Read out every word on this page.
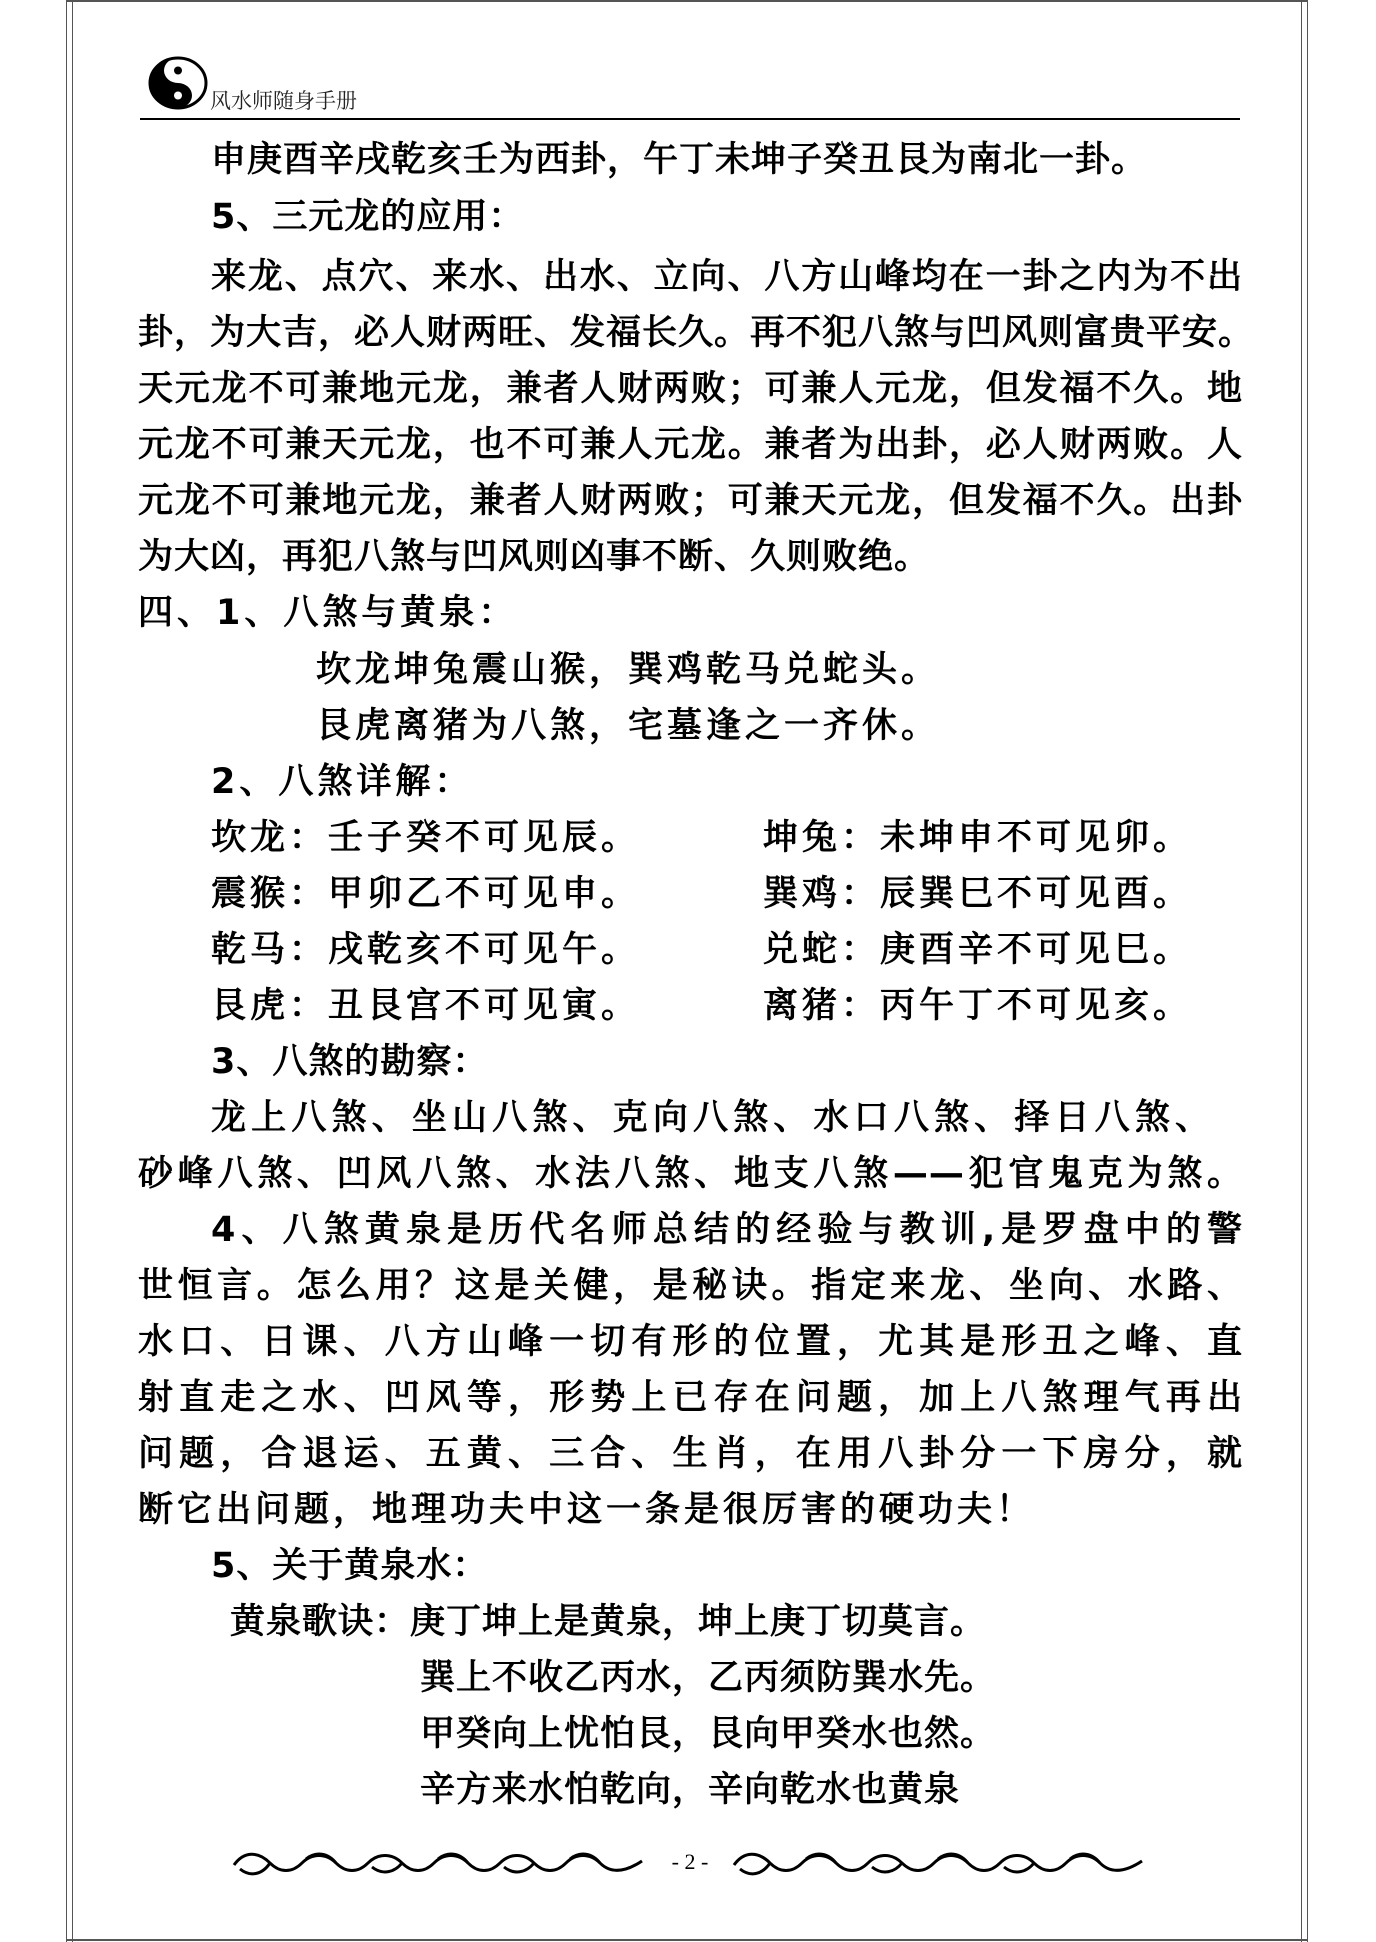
风水师随身手册
申庚酉辛戌乾亥壬为西卦，午丁未坤子癸丑艮为南北一卦。
5、三元龙的应用：
来龙、点穴、来水、出水、立向、八方山峰均在一卦之内为不出
卦，为大吉，必人财两旺、发福长久。再不犯八煞与凹风则富贵平安。
天元龙不可兼地元龙，兼者人财两败；可兼人元龙，但发福不久。地
元龙不可兼天元龙，也不可兼人元龙。兼者为出卦，必人财两败。人
元龙不可兼地元龙，兼者人财两败；可兼天元龙，但发福不久。出卦
为大凶，再犯八煞与凹风则凶事不断、久则败绝。
四、1、八煞与黄泉：
坎龙坤兔震山猴，巽鸡乾马兑蛇头。
艮虎离猪为八煞，宅墓逢之一齐休。
2、八煞详解：
坎龙：壬子癸不可见辰。	坤兔：未坤申不可见卯。
震猴：甲卯乙不可见申。	巽鸡：辰巽巳不可见酉。
乾马：戌乾亥不可见午。	兑蛇：庚酉辛不可见巳。
艮虎：丑艮宫不可见寅。	离猪：丙午丁不可见亥。
3、八煞的勘察：
龙上八煞、坐山八煞、克向八煞、水口八煞、择日八煞、
砂峰八煞、凹风八煞、水法八煞、地支八煞——犯官鬼克为煞。
4、八煞黄泉是历代名师总结的经验与教训,是罗盘中的警
世恒言。怎么用？这是关健，是秘诀。指定来龙、坐向、水路、
水口、日课、八方山峰一切有形的位置，尤其是形丑之峰、直
射直走之水、凹风等，形势上已存在问题，加上八煞理气再出
问题，合退运、五黄、三合、生肖，在用八卦分一下房分，就
断它出问题，地理功夫中这一条是很厉害的硬功夫！
5、关于黄泉水：
黄泉歌诀：庚丁坤上是黄泉，坤上庚丁切莫言。
巽上不收乙丙水，乙丙须防巽水先。
甲癸向上忧怕艮，艮向甲癸水也然。
辛方来水怕乾向，辛向乾水也黄泉
- 2 -
